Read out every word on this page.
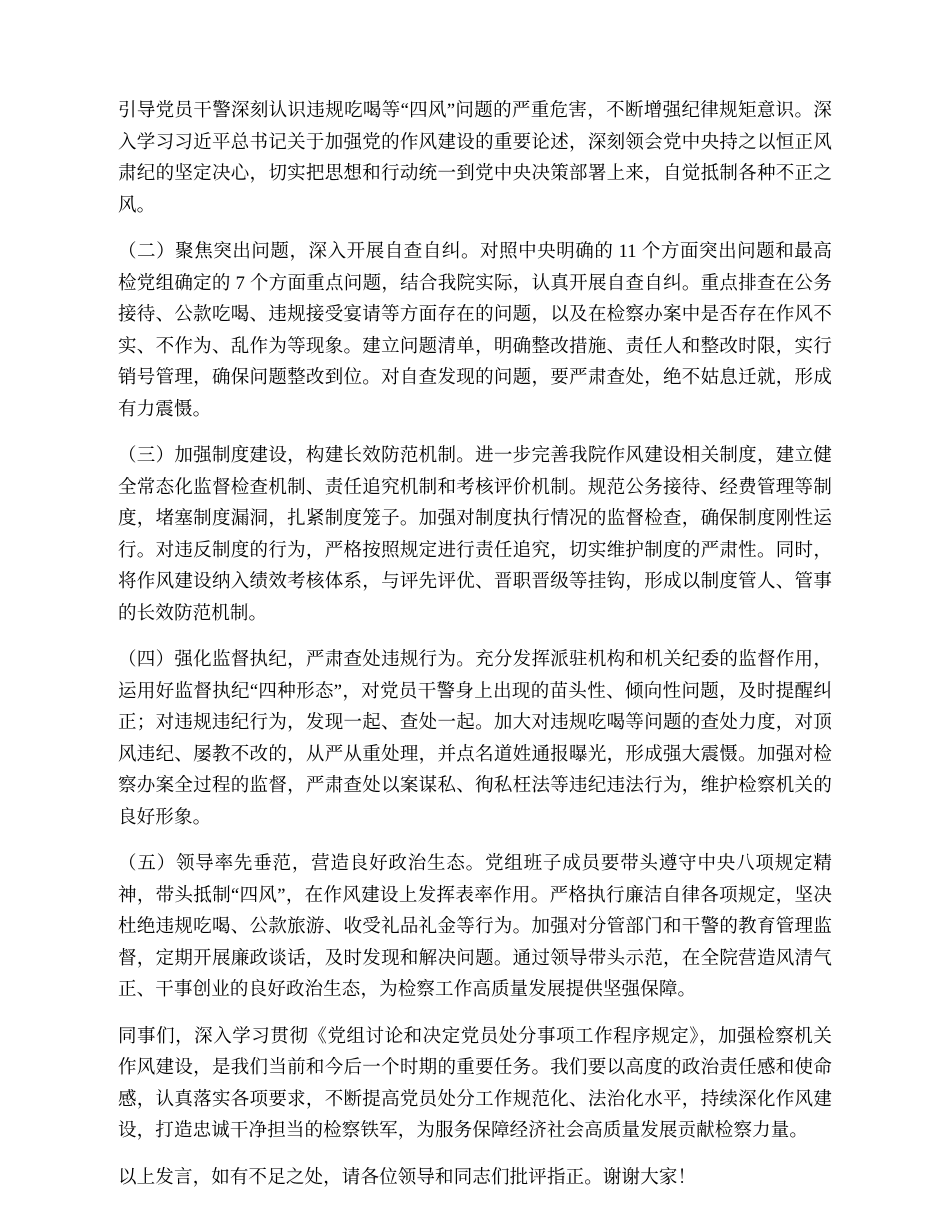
引导党员干警深刻认识违规吃喝等“四风”问题的严重危害，不断增强纪律规矩意识。深入学习习近平总书记关于加强党的作风建设的重要论述，深刻领会党中央持之以恒正风肃纪的坚定决心，切实把思想和行动统一到党中央决策部署上来，自觉抵制各种不正之风。

（二）聚焦突出问题，深入开展自查自纠。对照中央明确的 11 个方面突出问题和最高检党组确定的 7 个方面重点问题，结合我院实际，认真开展自查自纠。重点排查在公务接待、公款吃喝、违规接受宴请等方面存在的问题，以及在检察办案中是否存在作风不实、不作为、乱作为等现象。建立问题清单，明确整改措施、责任人和整改时限，实行销号管理，确保问题整改到位。对自查发现的问题，要严肃查处，绝不姑息迁就，形成有力震慑。

（三）加强制度建设，构建长效防范机制。进一步完善我院作风建设相关制度，建立健全常态化监督检查机制、责任追究机制和考核评价机制。规范公务接待、经费管理等制度，堵塞制度漏洞，扎紧制度笼子。加强对制度执行情况的监督检查，确保制度刚性运行。对违反制度的行为，严格按照规定进行责任追究，切实维护制度的严肃性。同时，将作风建设纳入绩效考核体系，与评先评优、晋职晋级等挂钩，形成以制度管人、管事的长效防范机制。

（四）强化监督执纪，严肃查处违规行为。充分发挥派驻机构和机关纪委的监督作用，运用好监督执纪“四种形态”，对党员干警身上出现的苗头性、倾向性问题，及时提醒纠正；对违规违纪行为，发现一起、查处一起。加大对违规吃喝等问题的查处力度，对顶风违纪、屡教不改的，从严从重处理，并点名道姓通报曝光，形成强大震慑。加强对检察办案全过程的监督，严肃查处以案谋私、徇私枉法等违纪违法行为，维护检察机关的良好形象。

（五）领导率先垂范，营造良好政治生态。党组班子成员要带头遵守中央八项规定精神，带头抵制“四风”，在作风建设上发挥表率作用。严格执行廉洁自律各项规定，坚决杜绝违规吃喝、公款旅游、收受礼品礼金等行为。加强对分管部门和干警的教育管理监督，定期开展廉政谈话，及时发现和解决问题。通过领导带头示范，在全院营造风清气正、干事创业的良好政治生态，为检察工作高质量发展提供坚强保障。

同事们，深入学习贯彻《党组讨论和决定党员处分事项工作程序规定》，加强检察机关作风建设，是我们当前和今后一个时期的重要任务。我们要以高度的政治责任感和使命感，认真落实各项要求，不断提高党员处分工作规范化、法治化水平，持续深化作风建设，打造忠诚干净担当的检察铁军，为服务保障经济社会高质量发展贡献检察力量。

以上发言，如有不足之处，请各位领导和同志们批评指正。谢谢大家！
